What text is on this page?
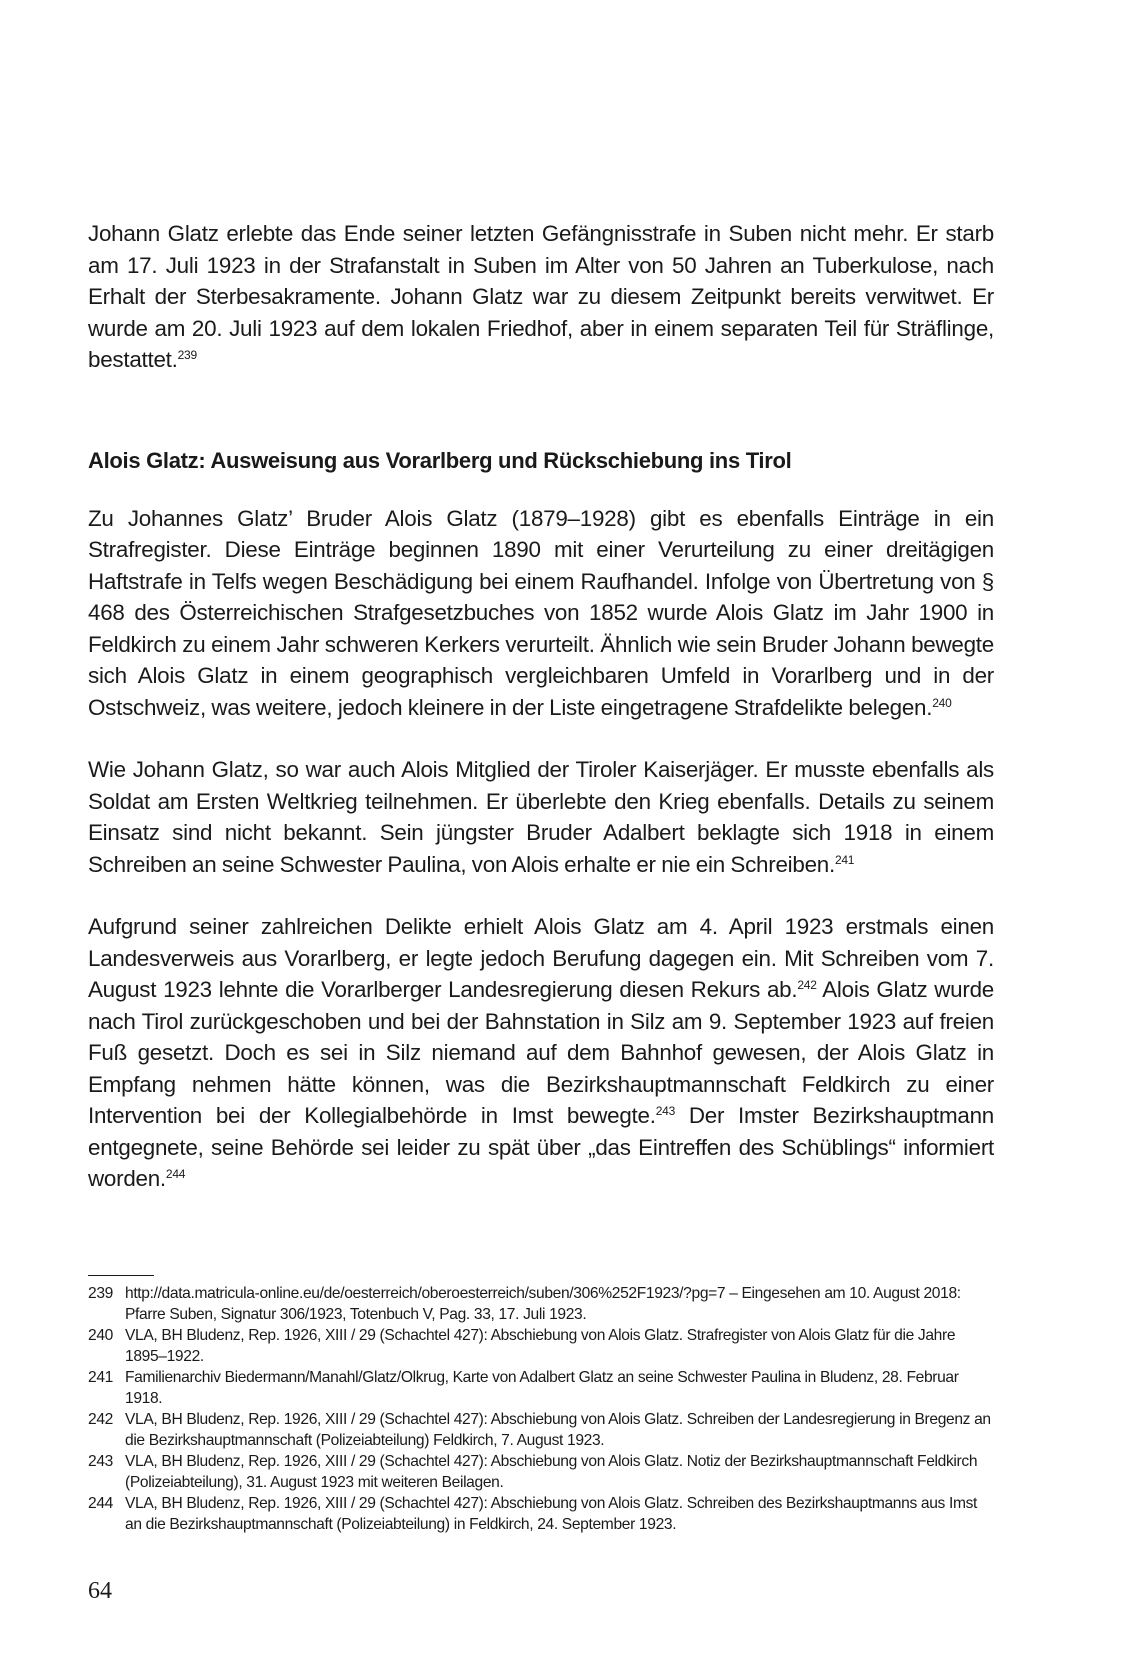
Johann Glatz erlebte das Ende seiner letzten Gefängnisstrafe in Suben nicht mehr. Er starb am 17. Juli 1923 in der Strafanstalt in Suben im Alter von 50 Jahren an Tuberkulose, nach Erhalt der Sterbesakramente. Johann Glatz war zu diesem Zeitpunkt bereits verwitwet. Er wurde am 20. Juli 1923 auf dem lokalen Friedhof, aber in einem separaten Teil für Sträflinge, bestattet.$^{239}$

Alois Glatz: Ausweisung aus Vorarlberg und Rückschiebung ins Tirol

Zu Johannes Glatz’ Bruder Alois Glatz (1879–1928) gibt es ebenfalls Einträge in ein Strafregister. Diese Einträge beginnen 1890 mit einer Verurteilung zu einer dreitägigen Haftstrafe in Telfs wegen Beschädigung bei einem Raufhandel. Infolge von Übertretung von § 468 des Österreichischen Strafgesetzbuches von 1852 wurde Alois Glatz im Jahr 1900 in Feldkirch zu einem Jahr schweren Kerkers verurteilt. Ähnlich wie sein Bruder Johann bewegte sich Alois Glatz in einem geographisch vergleichbaren Umfeld in Vorarlberg und in der Ostschweiz, was weitere, jedoch kleinere in der Liste eingetragene Strafdelikte belegen.$^{240}$

Wie Johann Glatz, so war auch Alois Mitglied der Tiroler Kaiserjäger. Er musste ebenfalls als Soldat am Ersten Weltkrieg teilnehmen. Er überlebte den Krieg ebenfalls. Details zu seinem Einsatz sind nicht bekannt. Sein jüngster Bruder Adalbert beklagte sich 1918 in einem Schreiben an seine Schwester Paulina, von Alois erhalte er nie ein Schreiben.$^{241}$

Aufgrund seiner zahlreichen Delikte erhielt Alois Glatz am 4. April 1923 erstmals einen Landesverweis aus Vorarlberg, er legte jedoch Berufung dagegen ein. Mit Schreiben vom 7. August 1923 lehnte die Vorarlberger Landesregierung diesen Rekurs ab.$^{242}$ Alois Glatz wurde nach Tirol zurückgeschoben und bei der Bahnstation in Silz am 9. September 1923 auf freien Fuß gesetzt. Doch es sei in Silz niemand auf dem Bahnhof gewesen, der Alois Glatz in Empfang nehmen hätte können, was die Bezirkshauptmannschaft Feldkirch zu einer Intervention bei der Kollegialbehörde in Imst bewegte.$^{243}$ Der Imster Bezirkshauptmann entgegnete, seine Behörde sei leider zu spät über „das Eintreffen des Schüblings“ informiert worden.$^{244}$

239 http://data.matricula-online.eu/de/oesterreich/oberoesterreich/suben/306%252F1923/?pg=7 – Eingesehen am 10. August 2018: Pfarre Suben, Signatur 306/1923, Totenbuch V, Pag. 33, 17. Juli 1923.
240 VLA, BH Bludenz, Rep. 1926, XIII / 29 (Schachtel 427): Abschiebung von Alois Glatz. Strafregister von Alois Glatz für die Jahre 1895–1922.
241 Familienarchiv Biedermann/Manahl/Glatz/Olkrug, Karte von Adalbert Glatz an seine Schwester Paulina in Bludenz, 28. Februar 1918.
242 VLA, BH Bludenz, Rep. 1926, XIII / 29 (Schachtel 427): Abschiebung von Alois Glatz. Schreiben der Landesregierung in Bregenz an die Bezirkshauptmannschaft (Polizeiabteilung) Feldkirch, 7. August 1923.
243 VLA, BH Bludenz, Rep. 1926, XIII / 29 (Schachtel 427): Abschiebung von Alois Glatz. Notiz der Bezirkshauptmannschaft Feldkirch (Polizeiabteilung), 31. August 1923 mit weiteren Beilagen.
244 VLA, BH Bludenz, Rep. 1926, XIII / 29 (Schachtel 427): Abschiebung von Alois Glatz. Schreiben des Bezirkshauptmanns aus Imst an die Bezirkshauptmannschaft (Polizeiabteilung) in Feldkirch, 24. September 1923.
64
